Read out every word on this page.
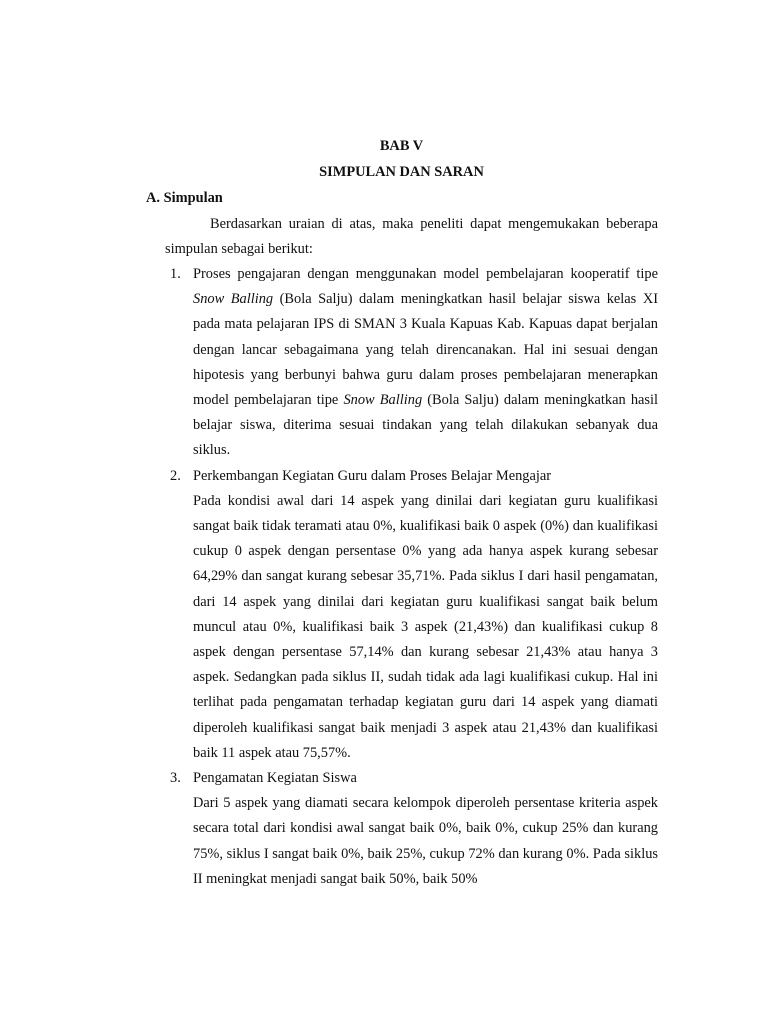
BAB V
SIMPULAN DAN SARAN
A. Simpulan

Berdasarkan uraian di atas, maka peneliti dapat mengemukakan beberapa simpulan sebagai berikut:

1. Proses pengajaran dengan menggunakan model pembelajaran kooperatif tipe Snow Balling (Bola Salju) dalam meningkatkan hasil belajar siswa kelas XI pada mata pelajaran IPS di SMAN 3 Kuala Kapuas Kab. Kapuas dapat berjalan dengan lancar sebagaimana yang telah direncanakan. Hal ini sesuai dengan hipotesis yang berbunyi bahwa guru dalam proses pembelajaran menerapkan model pembelajaran tipe Snow Balling (Bola Salju) dalam meningkatkan hasil belajar siswa, diterima sesuai tindakan yang telah dilakukan sebanyak dua siklus.

2. Perkembangan Kegiatan Guru dalam Proses Belajar Mengajar

Pada kondisi awal dari 14 aspek yang dinilai dari kegiatan guru kualifikasi sangat baik tidak teramati atau 0%, kualifikasi baik 0 aspek (0%) dan kualifikasi cukup 0 aspek dengan persentase 0% yang ada hanya aspek kurang sebesar 64,29% dan sangat kurang sebesar 35,71%. Pada siklus I dari hasil pengamatan, dari 14 aspek yang dinilai dari kegiatan guru kualifikasi sangat baik belum muncul atau 0%, kualifikasi baik 3 aspek (21,43%) dan kualifikasi cukup 8 aspek dengan persentase 57,14% dan kurang sebesar 21,43% atau hanya 3 aspek. Sedangkan pada siklus II, sudah tidak ada lagi kualifikasi cukup. Hal ini terlihat pada pengamatan terhadap kegiatan guru dari 14 aspek yang diamati diperoleh kualifikasi sangat baik menjadi 3 aspek atau 21,43% dan kualifikasi baik 11 aspek atau 75,57%.

3. Pengamatan Kegiatan Siswa

Dari 5 aspek yang diamati secara kelompok diperoleh persentase kriteria aspek secara total dari kondisi awal sangat baik 0%, baik 0%, cukup 25% dan kurang 75%, siklus I sangat baik 0%, baik 25%, cukup 72% dan kurang 0%. Pada siklus II meningkat menjadi sangat baik 50%, baik 50%
